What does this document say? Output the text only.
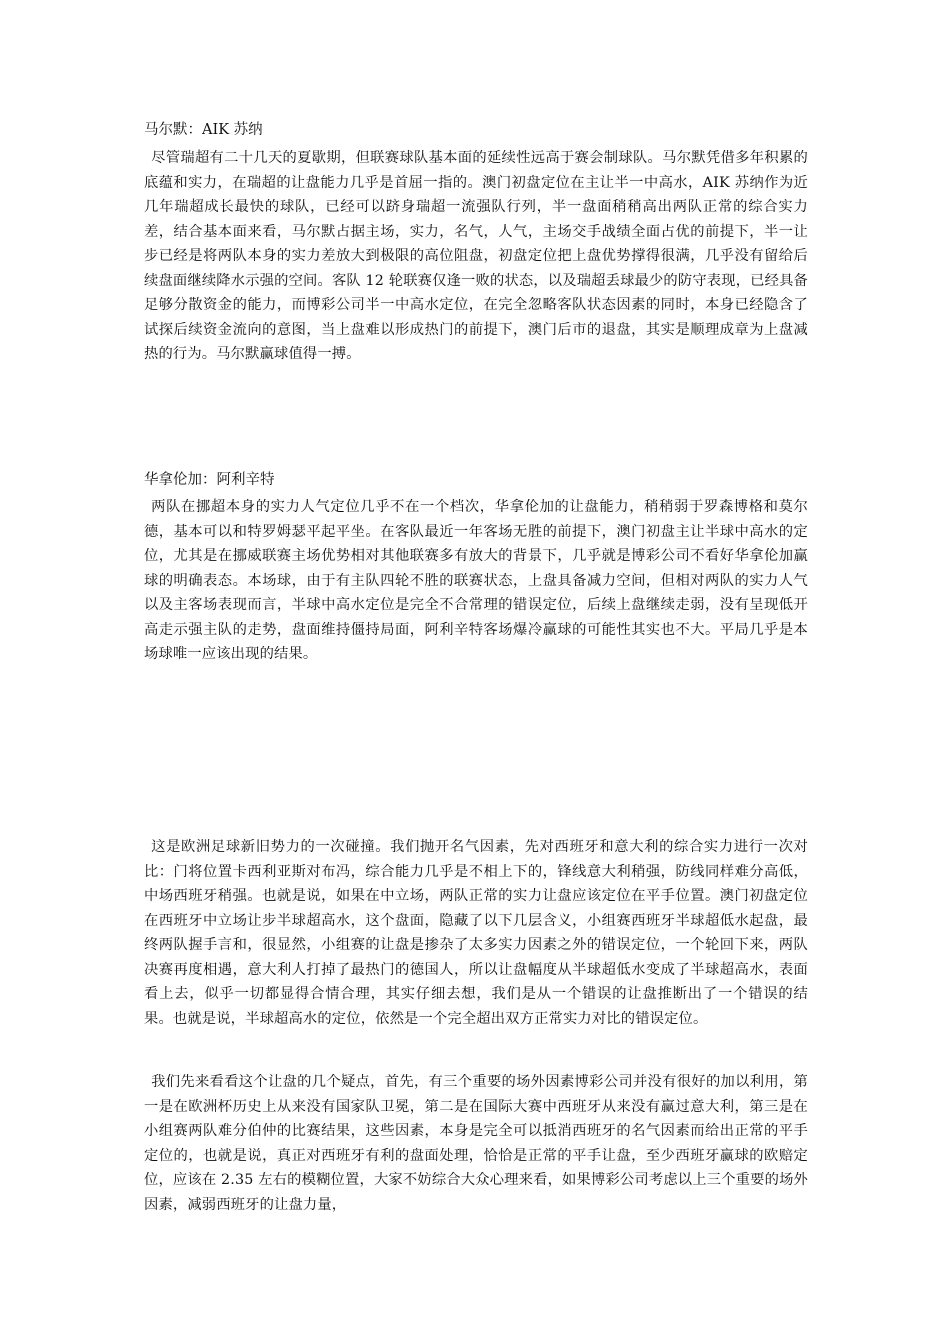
马尔默：AIK 苏纳

尽管瑞超有二十几天的夏歇期，但联赛球队基本面的延续性远高于赛会制球队。马尔默凭借多年积累的底蕴和实力，在瑞超的让盘能力几乎是首屈一指的。澳门初盘定位在主让半一中高水，AIK 苏纳作为近几年瑞超成长最快的球队，已经可以跻身瑞超一流强队行列，半一盘面稍稍高出两队正常的综合实力差，结合基本面来看，马尔默占据主场，实力，名气，人气，主场交手战绩全面占优的前提下，半一让步已经是将两队本身的实力差放大到极限的高位阻盘，初盘定位把上盘优势撑得很满，几乎没有留给后续盘面继续降水示强的空间。客队 12 轮联赛仅逢一败的状态，以及瑞超丢球最少的防守表现，已经具备足够分散资金的能力，而博彩公司半一中高水定位，在完全忽略客队状态因素的同时，本身已经隐含了试探后续资金流向的意图，当上盘难以形成热门的前提下，澳门后市的退盘，其实是顺理成章为上盘减热的行为。马尔默赢球值得一搏。

华拿伦加：阿利辛特

两队在挪超本身的实力人气定位几乎不在一个档次，华拿伦加的让盘能力，稍稍弱于罗森博格和莫尔德，基本可以和特罗姆瑟平起平坐。在客队最近一年客场无胜的前提下，澳门初盘主让半球中高水的定位，尤其是在挪威联赛主场优势相对其他联赛多有放大的背景下，几乎就是博彩公司不看好华拿伦加赢球的明确表态。本场球，由于有主队四轮不胜的联赛状态，上盘具备减力空间，但相对两队的实力人气以及主客场表现而言，半球中高水定位是完全不合常理的错误定位，后续上盘继续走弱，没有呈现低开高走示强主队的走势，盘面维持僵持局面，阿利辛特客场爆冷赢球的可能性其实也不大。平局几乎是本场球唯一应该出现的结果。

这是欧洲足球新旧势力的一次碰撞。我们抛开名气因素，先对西班牙和意大利的综合实力进行一次对比：门将位置卡西利亚斯对布冯，综合能力几乎是不相上下的，锋线意大利稍强，防线同样难分高低，中场西班牙稍强。也就是说，如果在中立场，两队正常的实力让盘应该定位在平手位置。澳门初盘定位在西班牙中立场让步半球超高水，这个盘面，隐藏了以下几层含义，小组赛西班牙半球超低水起盘，最终两队握手言和，很显然，小组赛的让盘是掺杂了太多实力因素之外的错误定位，一个轮回下来，两队决赛再度相遇，意大利人打掉了最热门的德国人，所以让盘幅度从半球超低水变成了半球超高水，表面看上去，似乎一切都显得合情合理，其实仔细去想，我们是从一个错误的让盘推断出了一个错误的结果。也就是说，半球超高水的定位，依然是一个完全超出双方正常实力对比的错误定位。

我们先来看看这个让盘的几个疑点，首先，有三个重要的场外因素博彩公司并没有很好的加以利用，第一是在欧洲杯历史上从来没有国家队卫冕，第二是在国际大赛中西班牙从来没有赢过意大利，第三是在小组赛两队难分伯仲的比赛结果，这些因素，本身是完全可以抵消西班牙的名气因素而给出正常的平手定位的，也就是说，真正对西班牙有利的盘面处理，恰恰是正常的平手让盘，至少西班牙赢球的欧赔定位，应该在 2.35 左右的模糊位置，大家不妨综合大众心理来看，如果博彩公司考虑以上三个重要的场外因素，减弱西班牙的让盘力量，
